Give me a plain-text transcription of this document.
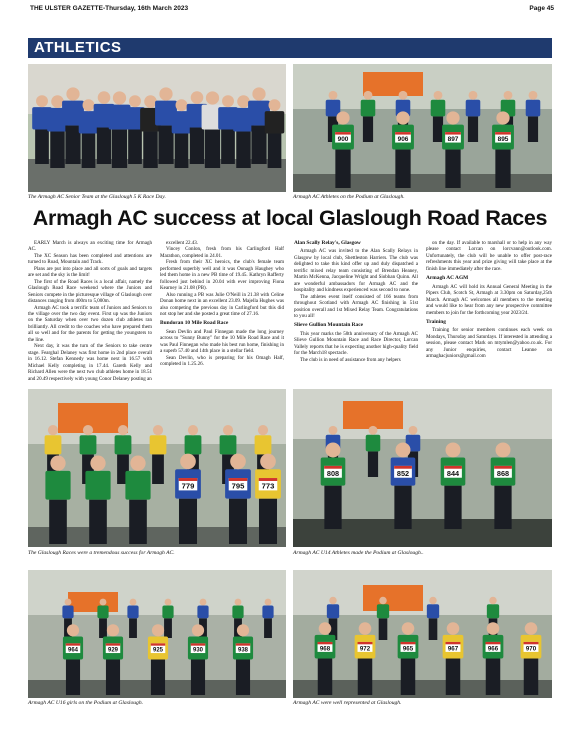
THE ULSTER GAZETTE-Thursday, 16th March 2023	Page 45
ATHLETICS
The Armagh AC Senior Team at the Glaslough 5 K Race Day.
900	906	897	895
Armagh AC Athletes on the Podium at Glaslough.
Armagh AC success at local Glaslough Road Races

EARLY March is always an exciting time for Armagh AC.

The XC Season has been completed and attentions are turned to Road, Mountain and Track.

Plans are put into place and all sorts of goals and targets are set and the sky is the limit!

The first of the Road Races is a local affair, namely the Glaslough Road Race weekend where the Juniors and Seniors compete in the picturesque village of Glaslough over distances ranging from 400m to 5,000m.

Armagh AC took a terrific team of Juniors and Seniors to the village over the two day event. First up was the Juniors on the Saturday when over two dozen club athletes ran brilliantly. All credit to the coaches who have prepared them all so well and for the parents for getting the youngsters to the line.

Next day, it was the turn of the Seniors to take centre stage. Fearghal Delaney was first home in 2nd place overall in 16.12. Stefan Kennedy was home next in 16.57 with Michael Kelly completing in 17.44. Gareth Kelly and Richard Allen were the next two club athletes home in 18.51 and 20.49 respectively with young Conor Delaney posting an

excellent 22.43.

Vincey Conlon, fresh from his Carlingford Half Marathon, completed in 24.01.

Fresh from their XC heroics, the club's female team performed superbly well and it was Oonagh Haughey who led them home in a new PB time of 19.45. Kathryn Rafferty followed just behind in 20.04 with ever improving Fiona Kearney in 21.08 (PB).

Also running a PB was Julie O'Neill in 21.38 with Celine Donan home next in an excellent 23.09. Majella Hughes was also competing the previous day in Carlingford but this did not stop her and she posted a great time of 27.16.

Bundoran 10 Mile Road Race

Sean Devlin and Paul Finnegan made the long journey across to "Sunny Bunny" for the 10 Mile Road Race and it was Paul Finnegan who made his best run home, finishing in a superb 57.40 and 14th place in a stellar field.

Sean Devlin, who is preparing for his Omagh Half, completed in 1.25.26.

Alan Scally Relay's, Glasgow

Armagh AC was invited to the Alan Scally Relays in Glasgow by local club, Shettleston Harriers. The club was delighted to take this kind offer up and duly dispatched a terrific mixed relay team consisting of Brendan Heaney, Martin McKenna, Jacqueline Wright and Siobhan Quinn. All are wonderful ambassadors for Armagh AC and the hospitality and kindness experienced was second to none.

The athletes event itself consisted of 166 teams from throughout Scotland with Armagh AC finishing in 51st position overall and 1st Mixed Relay Team. Congratulations to you all!

Slieve Gullion Mountain Race

This year marks the 50th anniversary of the Armagh AC Slieve Gullion Mountain Race and Race Director, Lorcan Vallely reports that he is expecting another high-quality field for the March18 spectacle.

The club is in need of assistance from any helpers

on the day. If available to marshall or to help in any way please contact Lorcan on lorcvann@outlook.com. Unfortunately, the club will be unable to offer post-race refreshments this year and prize giving will take place at the finish line immediately after the race.

Armagh AC AGM

Armagh AC will hold its Annual General Meeting in the Pipers Club, Scotch St, Armagh at 3.30pm on Saturday,25th March. Armagh AC welcomes all members to the meeting and would like to hear from any new prospective committee members to join for the forthcoming year 2023/24.

Training

Training for senior members continues each week on Mondays, Thursday and Saturdays. If interested in attending a session, please contact Mark on mtymlen@yahoo.co.uk. For any Junior enquiries, contact Leanne on armaghacjuniors@gmail.com

779	795 773
The Glaslough Races were a tremendous success for Armagh AC.
808	852	844	868
Armagh AC U14 Athletes made the Podium at Glaslough..
964	929	925	930	938
Armagh AC U16 girls on the Podium at Glaslough.
968	972	965	967	966	970
Armagh AC were well represented at Glaslough.
